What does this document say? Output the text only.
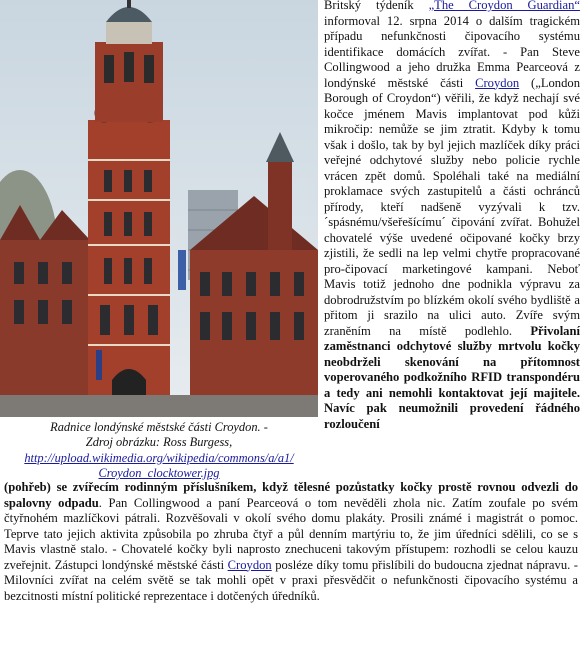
Radnice londýnské městské části Croydon. -
Zdroj obrázku: Ross Burgess,
http://upload.wikimedia.org/wikipedia/commons/a/a1/
Croydon_clocktower.jpg
Britský týdeník „The Croydon Guardian“ informoval 12. srpna 2014 o dalším tragickém případu nefunkčnosti čipovacího systému identifikace domácích zvířat. - Pan Steve Collingwood a jeho družka Emma Pearceová z londýnské městské části Croydon („London Borough of Croydon“) věřili, že když nechají své kočce jménem Mavis implantovat pod kůži mikročip: nemůže se jim ztratit. Kdyby k tomu však i došlo, tak by byl jejich mazlíček díky práci veřejné odchytové služby nebo policie rychle vrácen zpět domů. Spoléhali také na mediální proklamace svých zastupitelů a části ochránců přírody, kteří nadšeně vyzývali k tzv. ´spásnému/všeřešícímu´ čipování zvířat. Bohužel chovatelé výše uvedené očipované kočky brzy zjistili, že sedli na lep velmi chytře propracované pro-čipovací marketingové kampani. Neboť Mavis totiž jednoho dne podnikla výpravu za dobrodružstvím po blízkém okolí svého bydliště a přitom ji srazilo na ulici auto. Zvíře svým zraněním na místě podlehlo. Přivolaní zaměstnanci odchytové služby mrtvolu kočky neobdrželi skenování na přítomnost voperovaného podkožního RFID transpondéru a tedy ani nemohli kontaktovat její majitele. Navíc pak neumožnili provedení řádného rozloučení
(pohřeb) se zvířecím rodinným příslušníkem, když tělesné pozůstatky kočky prostě rovnou odvezli do spalovny odpadu. Pan Collingwood a paní Pearceová o tom nevěděli zhola nic. Zatím zoufale po svém čtyřnohém mazlíčkovi pátrali. Rozvěšovali v okolí svého domu plakáty. Prosili známé i magistrát o pomoc. Teprve tato jejich aktivita způsobila po zhruba čtyř a půl denním martýriu to, že jim úředníci sdělili, co se s Mavis vlastně stalo. - Chovatelé kočky byli naprosto znechuceni takovým přístupem: rozhodli se celou kauzu zveřejnit. Zástupci londýnské městské části Croydon posléze díky tomu přislíbili do budoucna zjednat nápravu. - Milovníci zvířat na celém světě se tak mohli opět v praxi přesvědčit o nefunkčnosti čipovacího systému a bezcitnosti místní politické reprezentace i dotčených úředníků.
